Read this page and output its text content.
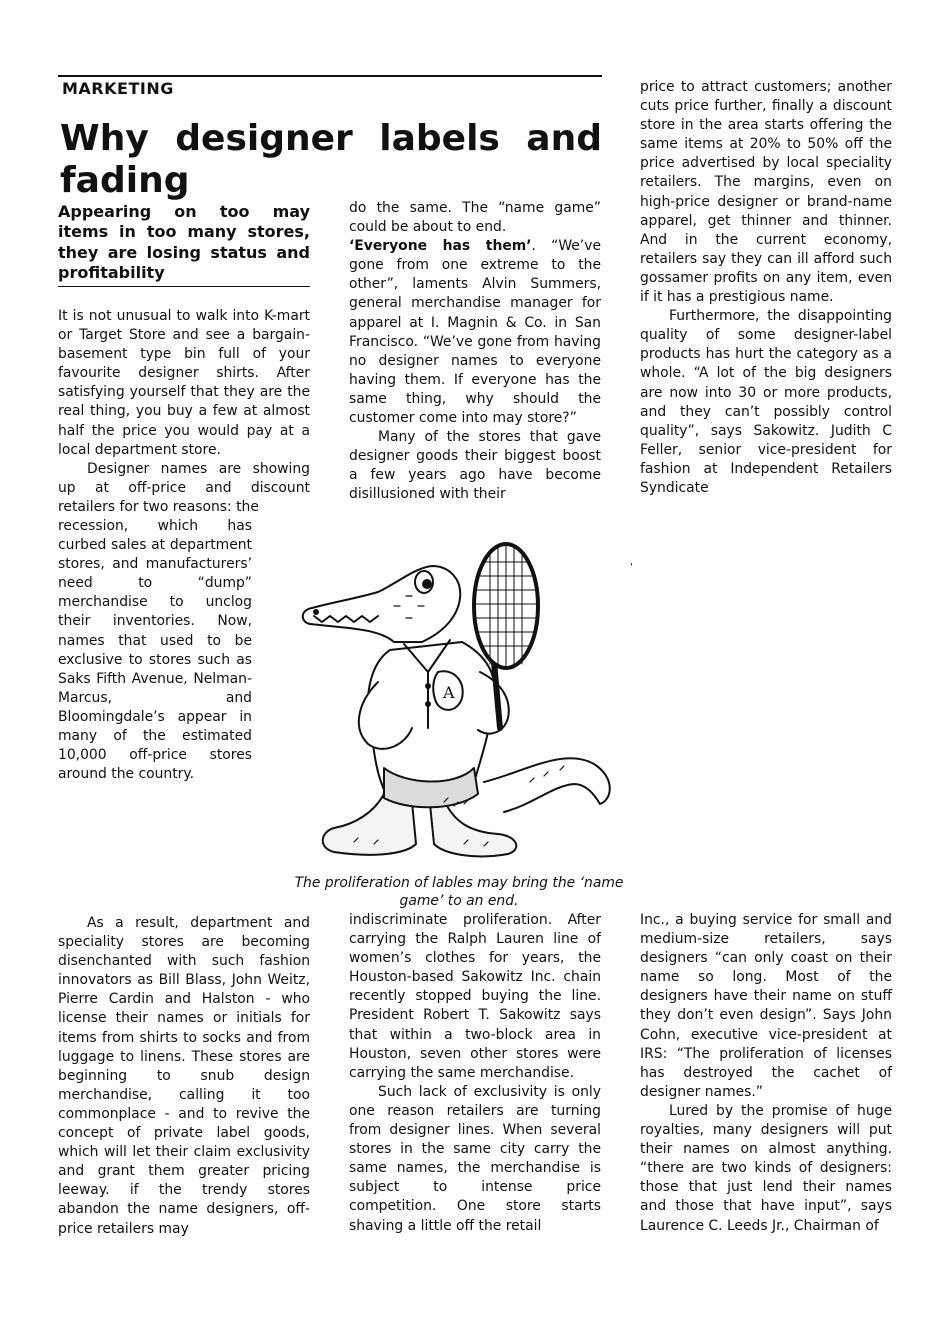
MARKETING
Why designer labels and fading
Appearing on too may items in too many stores, they are losing status and profitability

It is not unusual to walk into K-mart or Target Store and see a bargain-basement type bin full of your favourite designer shirts. After satisfying yourself that they are the real thing, you buy a few at almost half the price you would pay at a local department store.

Designer names are showing up at off-price and discount retailers for two reasons: the

recession, which has curbed sales at department stores, and manufacturers’ need to “dump” merchandise to unclog their inventories. Now, names that used to be exclusive to stores such as Saks Fifth Avenue, Nelman-Marcus, and Bloomingdale’s appear in many of the estimated 10,000 off-price stores around the country.

do the same. The “name game” could be about to end.

‘Everyone has them’. “We’ve gone from one extreme to the other”, laments Alvin Summers, general merchandise manager for apparel at I. Magnin & Co. in San Francisco. “We’ve gone from having no designer names to everyone having them. If everyone has the same thing, why should the customer come into may store?”

Many of the stores that gave designer goods their biggest boost a few years ago have become disillusioned with their

price to attract customers; another cuts price further, finally a discount store in the area starts offering the same items at 20% to 50% off the price advertised by local speciality retailers. The margins, even on high-price designer or brand-name apparel, get thinner and thinner. And in the current economy, retailers say they can ill afford such gossamer profits on any item, even if it has a prestigious name.

Furthermore, the disappointing quality of some designer-label products has hurt the category as a whole. “A lot of the big designers are now into 30 or more products, and they can’t possibly control quality”, says Sakowitz. Judith C Feller, senior vice-president for fashion at Independent Retailers Syndicate

A
'
The proliferation of lables may bring the ‘name game’ to an end.

As a result, department and speciality stores are becoming disenchanted with such fashion innovators as Bill Blass, John Weitz, Pierre Cardin and Halston - who license their names or initials for items from shirts to socks and from luggage to linens. These stores are beginning to snub design merchandise, calling it too commonplace - and to revive the concept of private label goods, which will let their claim exclusivity and grant them greater pricing leeway. if the trendy stores abandon the name designers, off-price retailers may

indiscriminate proliferation. After carrying the Ralph Lauren line of women’s clothes for years, the Houston-based Sakowitz Inc. chain recently stopped buying the line. President Robert T. Sakowitz says that within a two-block area in Houston, seven other stores were carrying the same merchandise.

Such lack of exclusivity is only one reason retailers are turning from designer lines. When several stores in the same city carry the same names, the merchandise is subject to intense price competition. One store starts shaving a little off the retail

Inc., a buying service for small and medium-size retailers, says designers “can only coast on their name so long. Most of the designers have their name on stuff they don’t even design”. Says John Cohn, executive vice-president at IRS: “The proliferation of licenses has destroyed the cachet of designer names.”

Lured by the promise of huge royalties, many designers will put their names on almost anything. “there are two kinds of designers: those that just lend their names and those that have input”, says Laurence C. Leeds Jr., Chairman of
